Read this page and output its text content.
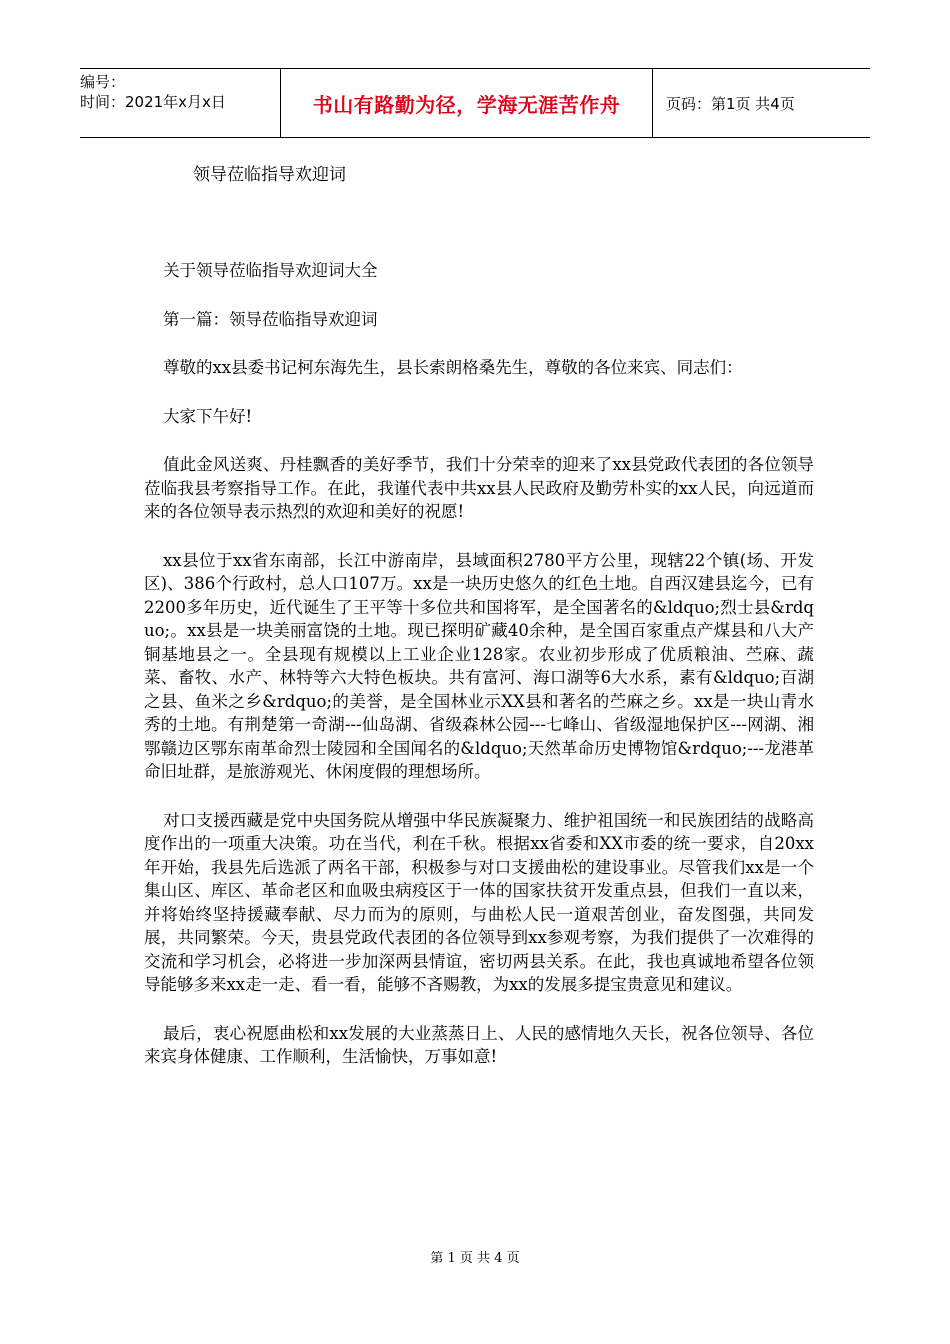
编号：
时间：2021年x月x日	书山有路勤为径，学海无涯苦作舟	页码：第1页 共4页
领导莅临指导欢迎词

关于领导莅临指导欢迎词大全

第一篇：领导莅临指导欢迎词

尊敬的xx县委书记柯东海先生，县长索朗格桑先生，尊敬的各位来宾、同志们：

大家下午好!

值此金风送爽、丹桂飘香的美好季节，我们十分荣幸的迎来了xx县党政代表团的各位领导莅临我县考察指导工作。在此，我谨代表中共xx县人民政府及勤劳朴实的xx人民，向远道而来的各位领导表示热烈的欢迎和美好的祝愿!

xx县位于xx省东南部，长江中游南岸，县域面积2780平方公里，现辖22个镇(场、开发区)、386个行政村，总人口107万。xx是一块历史悠久的红色土地。自西汉建县迄今，已有2200多年历史，近代诞生了王平等十多位共和国将军，是全国著名的&ldquo;烈士县&rdquo;。xx县是一块美丽富饶的土地。现已探明矿藏40余种，是全国百家重点产煤县和八大产铜基地县之一。全县现有规模以上工业企业128家。农业初步形成了优质粮油、苎麻、蔬菜、畜牧、水产、林特等六大特色板块。共有富河、海口湖等6大水系，素有&ldquo;百湖之县、鱼米之乡&rdquo;的美誉，是全国林业示XX县和著名的苎麻之乡。xx是一块山青水秀的土地。有荆楚第一奇湖---仙岛湖、省级森林公园---七峰山、省级湿地保护区---网湖、湘鄂赣边区鄂东南革命烈士陵园和全国闻名的&ldquo;天然革命历史博物馆&rdquo;---龙港革命旧址群，是旅游观光、休闲度假的理想场所。

对口支援西藏是党中央国务院从增强中华民族凝聚力、维护祖国统一和民族团结的战略高度作出的一项重大决策。功在当代，利在千秋。根据xx省委和XX市委的统一要求，自20xx年开始，我县先后选派了两名干部，积极参与对口支援曲松的建设事业。尽管我们xx是一个集山区、库区、革命老区和血吸虫病疫区于一体的国家扶贫开发重点县，但我们一直以来，并将始终坚持援藏奉献、尽力而为的原则，与曲松人民一道艰苦创业，奋发图强，共同发展，共同繁荣。今天，贵县党政代表团的各位领导到xx参观考察，为我们提供了一次难得的交流和学习机会，必将进一步加深两县情谊，密切两县关系。在此，我也真诚地希望各位领导能够多来xx走一走、看一看，能够不吝赐教，为xx的发展多提宝贵意见和建议。

最后，衷心祝愿曲松和xx发展的大业蒸蒸日上、人民的感情地久天长，祝各位领导、各位来宾身体健康、工作顺利，生活愉快，万事如意!

第 1 页 共 4 页
